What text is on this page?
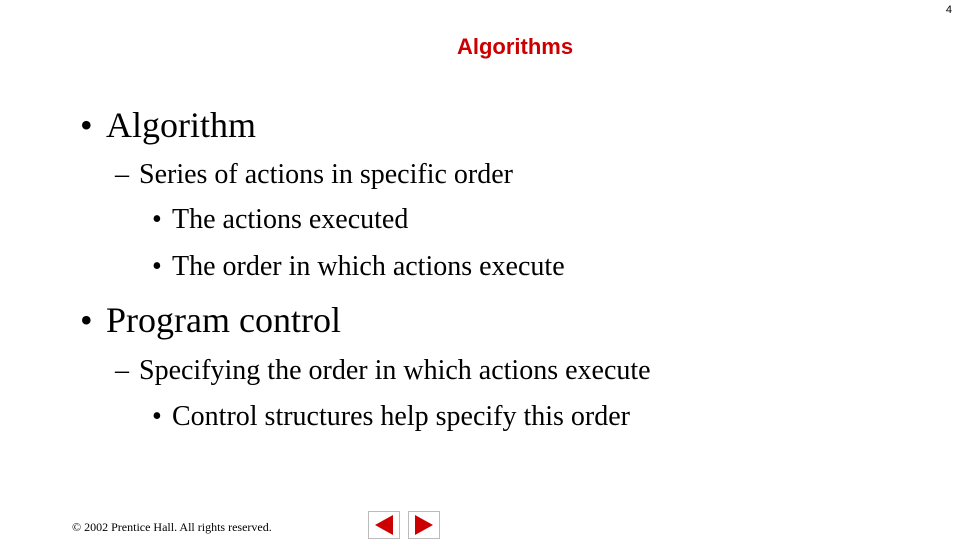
4
Algorithms
• Algorithm
– Series of actions in specific order
• The actions executed
• The order in which actions execute
• Program control
– Specifying the order in which actions execute
• Control structures help specify this order
© 2002 Prentice Hall. All rights reserved.
